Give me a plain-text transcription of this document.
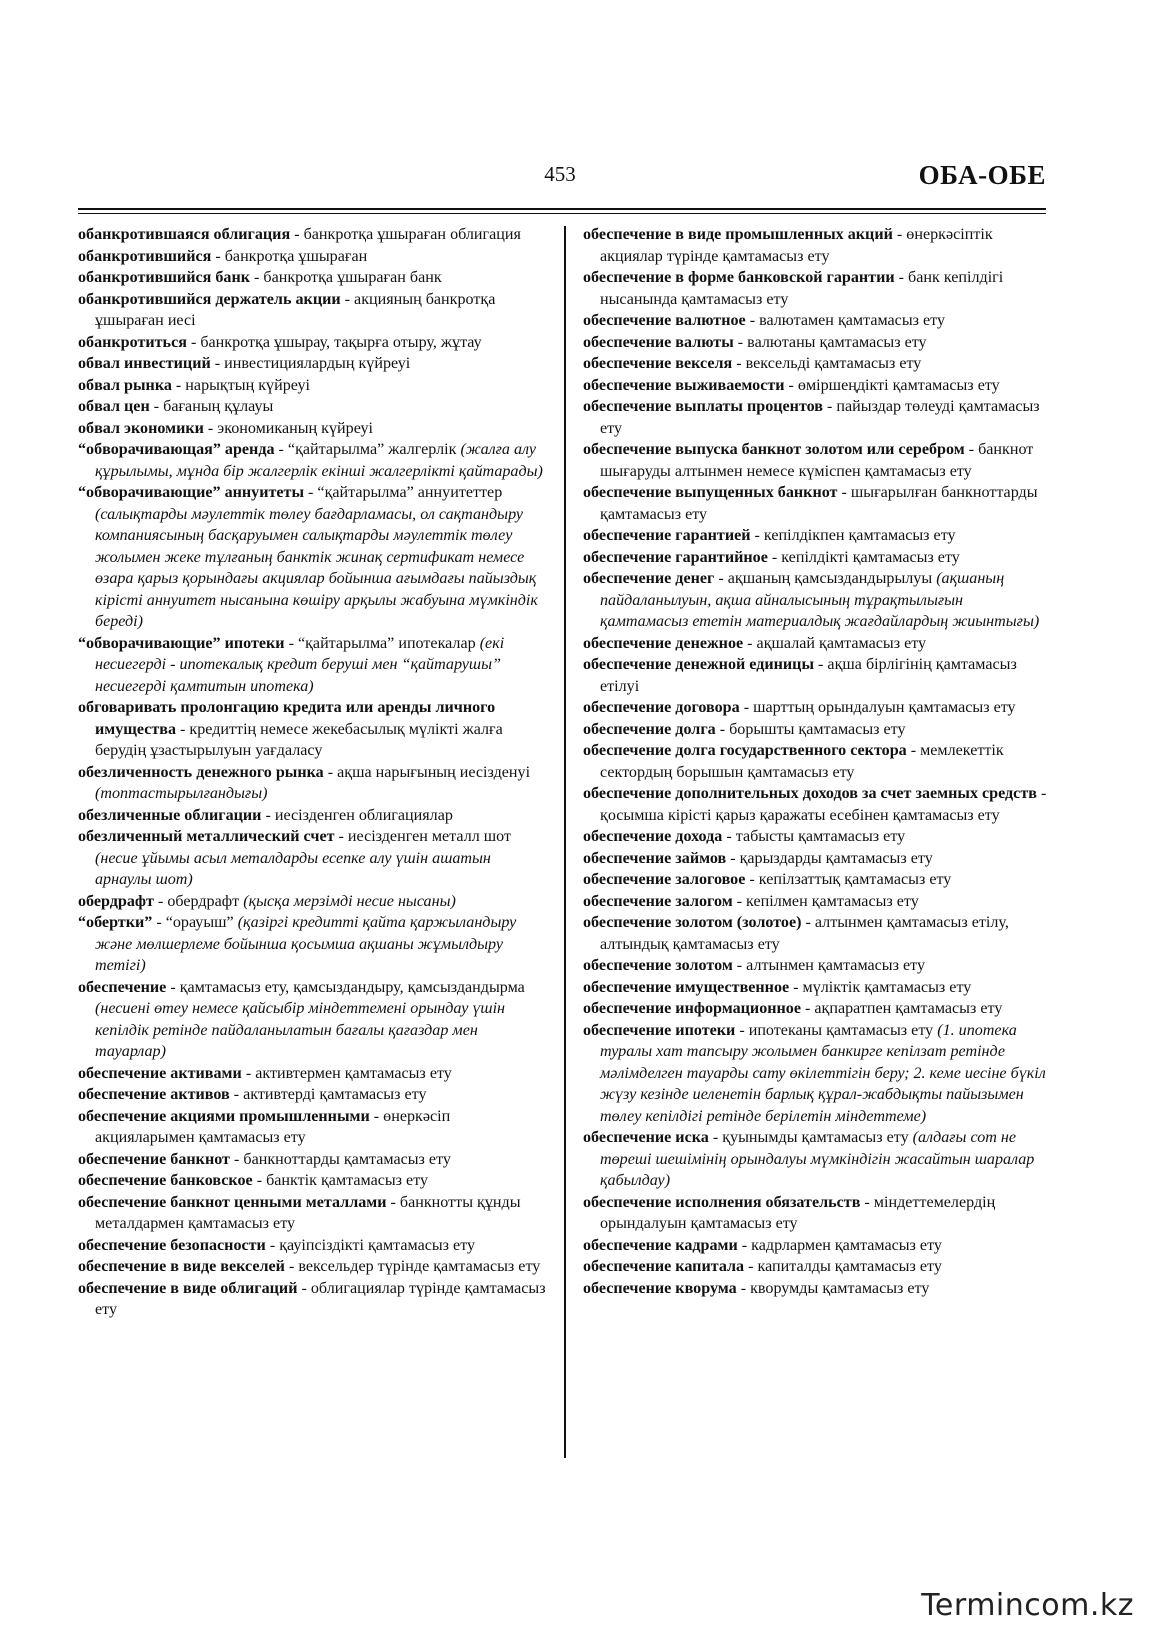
453	ОБА-ОБЕ

обанкротившаяся облигация - банкротқа ұшыраған облигация

обанкротившийся - банкротқа ұшыраған

обанкротившийся банк - банкротқа ұшыраған банк

обанкротившийся держатель акции - акцияның банкротқа ұшыраған иесі

обанкротиться - банкротқа ұшырау, тақырға отыру, жұтау

обвал инвестиций - инвестициялардың күйреуі

обвал рынка - нарықтың күйреуі

обвал цен - бағаның құлауы

обвал экономики - экономиканың күйреуі

“обворачивающая” аренда - “қайтарылма” жалгерлік (жалға алу құрылымы, мұнда бір жалгерлік екінші жалгерлікті қайтарады)

“обворачивающие” аннуитеты - “қайтарылма” аннуитеттер (салықтарды мәулеттік төлеу бағдарламасы, ол сақтандыру компаниясының басқаруымен салықтарды мәулеттік төлеу жолымен жеке тұлғаның банктік жинақ сертификат немесе өзара қарыз қорындағы акциялар бойынша ағымдағы пайыздық кірісті аннуитет нысанына көшіру арқылы жабуына мүмкіндік береді)

“обворачивающие” ипотеки - “қайтарылма” ипотекалар (екі несиегерді - ипотекалық кредит беруші мен “қайтарушы” несиегерді қамтитын ипотека)

обговаривать пролонгацию кредита или аренды личного имущества - кредиттің немесе жекебасылық мүлікті жалға берудің ұзастырылуын уағдаласу

обезличенность денежного рынка - ақша нарығының иесізденуі (топтастырылғандығы)

обезличенные облигации - иесізденген облигациялар

обезличенный металлический счет - иесізденген металл шот (несие ұйымы асыл металдарды есепке алу үшін ашатын арнаулы шот)

обердрафт - обердрафт (қысқа мерзімді несие нысаны)

“обертки” - “орауыш” (қазіргі кредитті қайта қаржыландыру және мөлшерлеме бойынша қосымша ақшаны жұмылдыру тетігі)

обеспечение - қамтамасыз ету, қамсыздандыру, қамсыздандырма (несиені өтеу немесе қайсыбір міндеттемені орындау үшін кепілдік ретінде пайдаланылатын бағалы қағаздар мен тауарлар)

обеспечение активами - активтермен қамтамасыз ету

обеспечение активов - активтерді қамтамасыз ету

обеспечение акциями промышленными - өнеркәсіп акцияларымен қамтамасыз ету

обеспечение банкнот - банкноттарды қамтамасыз ету

обеспечение банковское - банктік қамтамасыз ету

обеспечение банкнот ценными металлами - банкнотты құнды металдармен қамтамасыз ету

обеспечение безопасности - қауіпсіздікті қамтамасыз ету

обеспечение в виде векселей - вексельдер түрінде қамтамасыз ету

обеспечение в виде облигаций - облигациялар түрінде қамтамасыз ету

обеспечение в виде промышленных акций - өнеркәсіптік акциялар түрінде қамтамасыз ету

обеспечение в форме банковской гарантии - банк кепілдігі нысанында қамтамасыз ету

обеспечение валютное - валютамен қамтамасыз ету

обеспечение валюты - валютаны қамтамасыз ету

обеспечение векселя - вексельді қамтамасыз ету

обеспечение выживаемости - өміршеңдікті қамтамасыз ету

обеспечение выплаты процентов - пайыздар төлеуді қамтамасыз ету

обеспечение выпуска банкнот золотом или серебром - банкнот шығаруды алтынмен немесе күміспен қамтамасыз ету

обеспечение выпущенных банкнот - шығарылған банкноттарды қамтамасыз ету

обеспечение гарантией - кепілдікпен қамтамасыз ету

обеспечение гарантийное - кепілдікті қамтамасыз ету

обеспечение денег - ақшаның қамсыздандырылуы (ақшаның пайдаланылуын, ақша айналысының тұрақтылығын қамтамасыз ететін материалдық жағдайлардың жиынтығы)

обеспечение денежное - ақшалай қамтамасыз ету

обеспечение денежной единицы - ақша бірлігінің қамтамасыз етілуі

обеспечение договора - шарттың орындалуын қамтамасыз ету

обеспечение долга - борышты қамтамасыз ету

обеспечение долга государственного сектора - мемлекеттік сектордың борышын қамтамасыз ету

обеспечение дополнительных доходов за счет заемных средств - қосымша кірісті қарыз қаражаты есебінен қамтамасыз ету

обеспечение дохода - табысты қамтамасыз ету

обеспечение займов - қарыздарды қамтамасыз ету

обеспечение залоговое - кепілзаттық қамтамасыз ету

обеспечение залогом - кепілмен қамтамасыз ету

обеспечение золотом (золотое) - алтынмен қамтамасыз етілу, алтындық қамтамасыз ету

обеспечение золотом - алтынмен қамтамасыз ету

обеспечение имущественное - мүліктік қамтамасыз ету

обеспечение информационное - ақпаратпен қамтамасыз ету

обеспечение ипотеки - ипотеканы қамтамасыз ету (1. ипотека туралы хат тапсыру жолымен банкирге кепілзат ретінде мәлімделген тауарды сату өкілеттігін беру; 2. кеме иесіне бүкіл жүзу кезінде иеленетін барлық құрал-жабдықты пайызымен төлеу кепілдігі ретінде берілетін міндеттеме)

обеспечение иска - қуынымды қамтамасыз ету (алдағы сот не төреші шешімінің орындалуы мүмкіндігін жасайтын шаралар қабылдау)

обеспечение исполнения обязательств - міндеттемелердің орындалуын қамтамасыз ету

обеспечение кадрами - кадрлармен қамтамасыз ету

обеспечение капитала - капиталды қамтамасыз ету

обеспечение кворума - кворумды қамтамасыз ету

Termincom.kz
